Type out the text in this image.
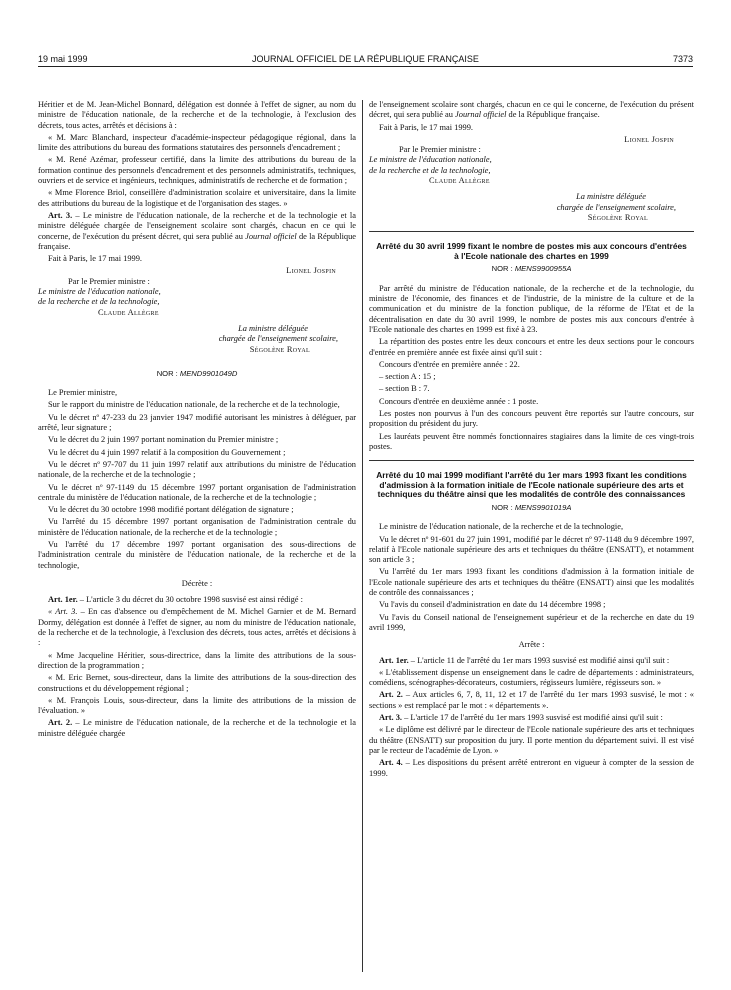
19 mai 1999	JOURNAL OFFICIEL DE LA RÉPUBLIQUE FRANÇAISE	7373

Héritier et de M. Jean-Michel Bonnard, délégation est donnée à l'effet de signer, au nom du ministre de l'éducation nationale, de la recherche et de la technologie, à l'exclusion des décrets, tous actes, arrêtés et décisions à :

« M. Marc Blanchard, inspecteur d'académie-inspecteur pédagogique régional, dans la limite des attributions du bureau des formations statutaires des personnels d'encadrement ;

« M. René Azémar, professeur certifié, dans la limite des attributions du bureau de la formation continue des personnels d'encadrement et des personnels administratifs, techniques, ouvriers et de service et ingénieurs, techniques, administratifs de recherche et de formation ;

« Mme Florence Briol, conseillère d'administration scolaire et universitaire, dans la limite des attributions du bureau de la logistique et de l'organisation des stages. »

Art. 3. – Le ministre de l'éducation nationale, de la recherche et de la technologie et la ministre déléguée chargée de l'enseignement scolaire sont chargés, chacun en ce qui le concerne, de l'exécution du présent décret, qui sera publié au Journal officiel de la République française.

Fait à Paris, le 17 mai 1999.

Lionel Jospin
Par le Premier ministre :
Le ministre de l'éducation nationale,
de la recherche et de la technologie,
Claude Allègre
La ministre déléguée
chargée de l'enseignement scolaire,
Ségolène Royal
NOR : MEND9901049D

Le Premier ministre,

Sur le rapport du ministre de l'éducation nationale, de la recherche et de la technologie,

Vu le décret nº 47-233 du 23 janvier 1947 modifié autorisant les ministres à déléguer, par arrêté, leur signature ;

Vu le décret du 2 juin 1997 portant nomination du Premier ministre ;

Vu le décret du 4 juin 1997 relatif à la composition du Gouvernement ;

Vu le décret nº 97-707 du 11 juin 1997 relatif aux attributions du ministre de l'éducation nationale, de la recherche et de la technologie ;

Vu le décret nº 97-1149 du 15 décembre 1997 portant organisation de l'administration centrale du ministère de l'éducation nationale, de la recherche et de la technologie ;

Vu le décret du 30 octobre 1998 modifié portant délégation de signature ;

Vu l'arrêté du 15 décembre 1997 portant organisation de l'administration centrale du ministère de l'éducation nationale, de la recherche et de la technologie ;

Vu l'arrêté du 17 décembre 1997 portant organisation des sous-directions de l'administration centrale du ministère de l'éducation nationale, de la recherche et de la technologie,

Décrète :

Art. 1er. – L'article 3 du décret du 30 octobre 1998 susvisé est ainsi rédigé :

« Art. 3. – En cas d'absence ou d'empêchement de M. Michel Garnier et de M. Bernard Dormy, délégation est donnée à l'effet de signer, au nom du ministre de l'éducation nationale, de la recherche et de la technologie, à l'exclusion des décrets, tous actes, arrêtés et décisions à :

« Mme Jacqueline Héritier, sous-directrice, dans la limite des attributions de la sous-direction de la programmation ;

« M. Eric Bernet, sous-directeur, dans la limite des attributions de la sous-direction des constructions et du développement régional ;

« M. François Louis, sous-directeur, dans la limite des attributions de la mission de l'évaluation. »

Art. 2. – Le ministre de l'éducation nationale, de la recherche et de la technologie et la ministre déléguée chargée

de l'enseignement scolaire sont chargés, chacun en ce qui le concerne, de l'exécution du présent décret, qui sera publié au Journal officiel de la République française.

Fait à Paris, le 17 mai 1999.

Lionel Jospin
Par le Premier ministre :
Le ministre de l'éducation nationale,
de la recherche et de la technologie,
Claude Allègre
La ministre déléguée
chargée de l'enseignement scolaire,
Ségolène Royal
Arrêté du 30 avril 1999 fixant le nombre de postes mis aux concours d'entrées à l'Ecole nationale des chartes en 1999
NOR : MENS9900955A

Par arrêté du ministre de l'éducation nationale, de la recherche et de la technologie, du ministre de l'économie, des finances et de l'industrie, de la ministre de la culture et de la communication et du ministre de la fonction publique, de la réforme de l'Etat et de la décentralisation en date du 30 avril 1999, le nombre de postes mis aux concours d'entrée à l'Ecole nationale des chartes en 1999 est fixé à 23.

La répartition des postes entre les deux concours et entre les deux sections pour le concours d'entrée en première année est fixée ainsi qu'il suit :

Concours d'entrée en première année : 22.

– section A : 15 ;

– section B : 7.

Concours d'entrée en deuxième année : 1 poste.

Les postes non pourvus à l'un des concours peuvent être reportés sur l'autre concours, sur proposition du président du jury.

Les lauréats peuvent être nommés fonctionnaires stagiaires dans la limite de ces vingt-trois postes.

Arrêté du 10 mai 1999 modifiant l'arrêté du 1er mars 1993 fixant les conditions d'admission à la formation initiale de l'Ecole nationale supérieure des arts et techniques du théâtre ainsi que les modalités de contrôle des connaissances
NOR : MENS9901019A

Le ministre de l'éducation nationale, de la recherche et de la technologie,

Vu le décret nº 91-601 du 27 juin 1991, modifié par le décret nº 97-1148 du 9 décembre 1997, relatif à l'Ecole nationale supérieure des arts et techniques du théâtre (ENSATT), et notamment son article 3 ;

Vu l'arrêté du 1er mars 1993 fixant les conditions d'admission à la formation initiale de l'Ecole nationale supérieure des arts et techniques du théâtre (ENSATT) ainsi que les modalités de contrôle des connaissances ;

Vu l'avis du conseil d'administration en date du 14 décembre 1998 ;

Vu l'avis du Conseil national de l'enseignement supérieur et de la recherche en date du 19 avril 1999,

Arrête :

Art. 1er. – L'article 11 de l'arrêté du 1er mars 1993 susvisé est modifié ainsi qu'il suit :

« L'établissement dispense un enseignement dans le cadre de départements : administrateurs, comédiens, scénographes-décorateurs, costumiers, régisseurs lumière, régisseurs son. »

Art. 2. – Aux articles 6, 7, 8, 11, 12 et 17 de l'arrêté du 1er mars 1993 susvisé, le mot : « sections » est remplacé par le mot : « départements ».

Art. 3. – L'article 17 de l'arrêté du 1er mars 1993 susvisé est modifié ainsi qu'il suit :

« Le diplôme est délivré par le directeur de l'Ecole nationale supérieure des arts et techniques du théâtre (ENSATT) sur proposition du jury. Il porte mention du département suivi. Il est visé par le recteur de l'académie de Lyon. »

Art. 4. – Les dispositions du présent arrêté entreront en vigueur à compter de la session de 1999.
